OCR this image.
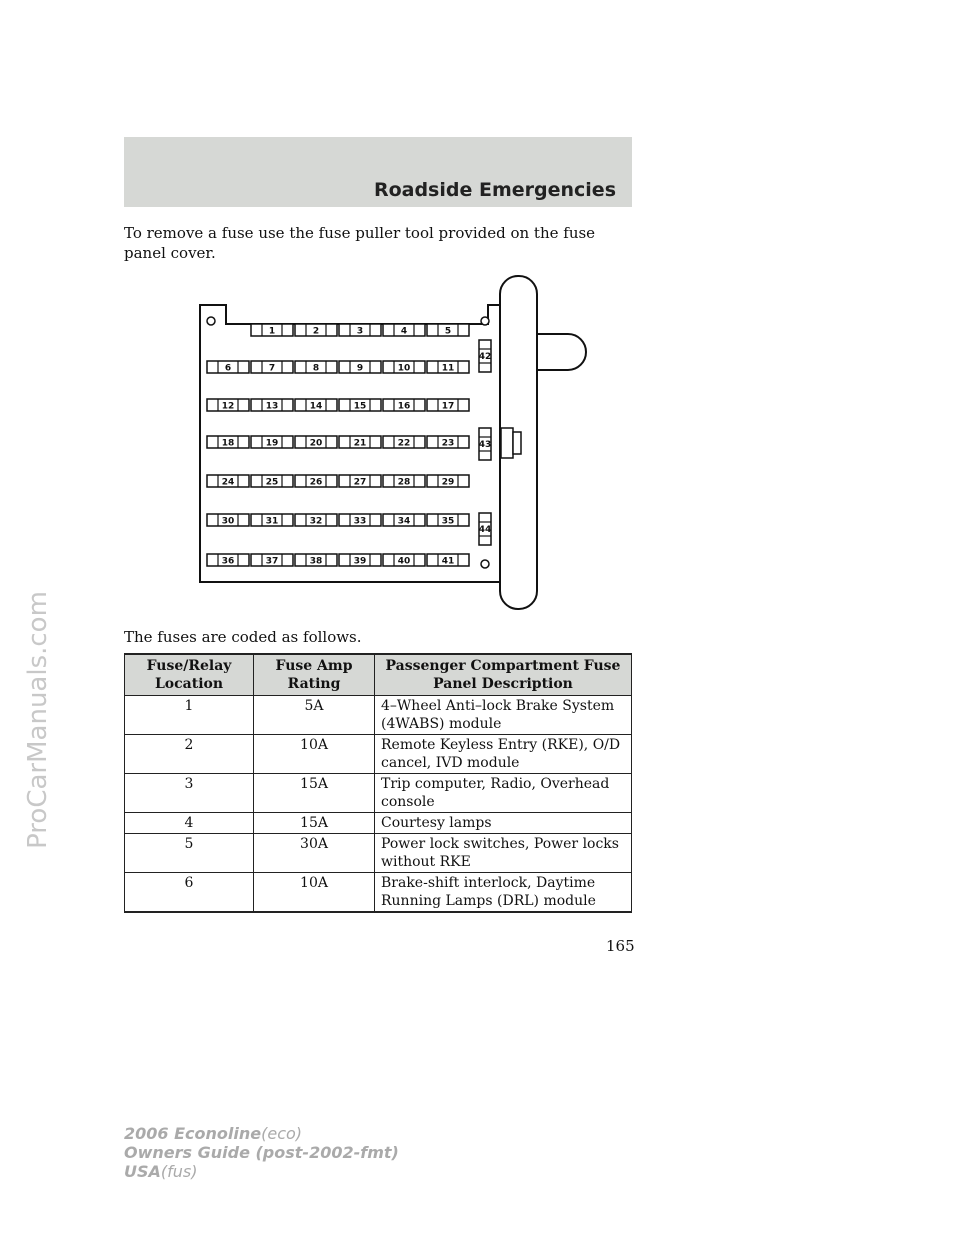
Roadside Emergencies

To remove a fuse use the fuse puller tool provided on the fuse panel cover.

1	2	3	4	5
6	7	8	9	10	11
12	13	14	15	16	17
18	19	20	21	22	23
24	25	26	27	28	29
30	31	32	33	34	35
36	37	38	39	40	41
42
43
44

The fuses are coded as follows.

Fuse/Relay Location	Fuse Amp Rating	Passenger Compartment Fuse Panel Description
1	5A	4–Wheel Anti–lock Brake System (4WABS) module
2	10A	Remote Keyless Entry (RKE), O/D cancel, IVD module
3	15A	Trip computer, Radio, Overhead console
4	15A	Courtesy lamps
5	30A	Power lock switches, Power locks without RKE
6	10A	Brake-shift interlock, Daytime Running Lamps (DRL) module
165
2006 Econoline(eco)
Owners Guide (post-2002-fmt)
USA(fus)
ProCarManuals.com
